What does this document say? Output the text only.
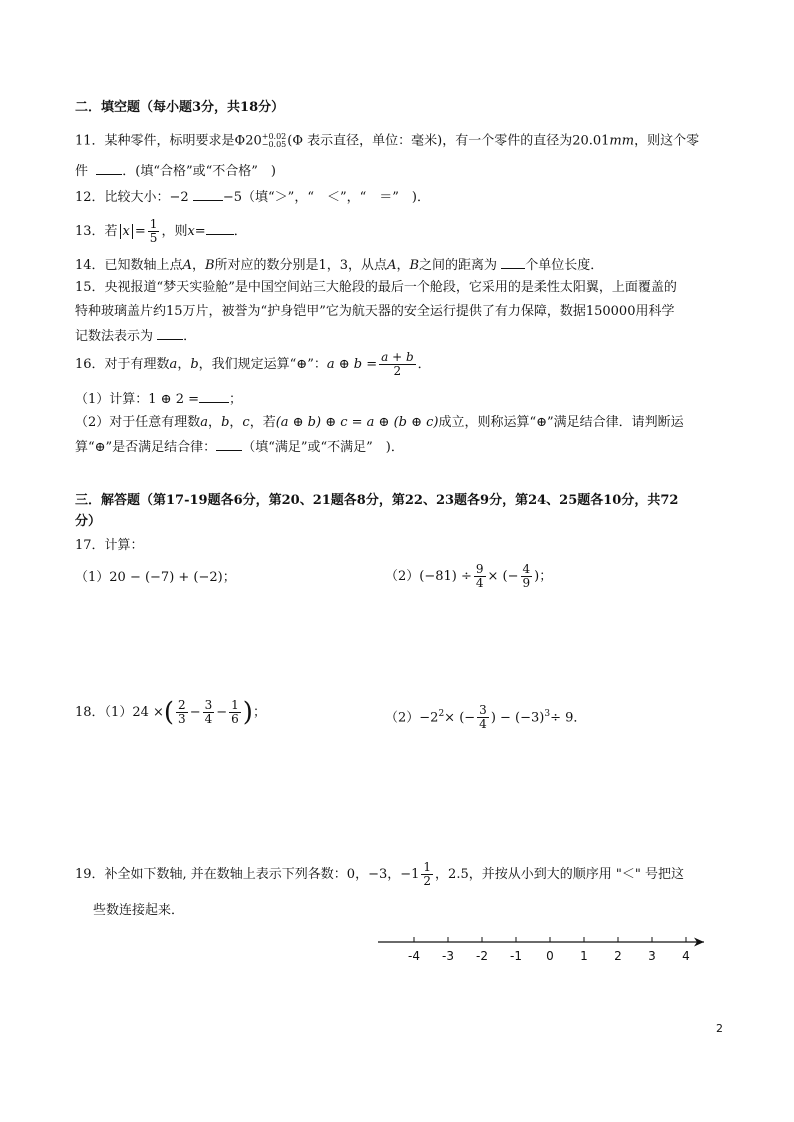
二．填空题（每小题3分，共18分）
11．某种零件，标明要求是Φ20 +0.02
−0.05 (Φ 表示直径，单位：毫米)，有一个零件的直径为20.01mm，则这个零
件	．(填“合格”或“不合格”　)
12．比较大小：−2	−5（填“＞”，“　＜”，“　＝”　)．
13．若 $x = \frac{1}{5}$ ，则x= ．
14．已知数轴上点A，B所对应的数分别是1，3，从点A，B之间的距离为 个单位长度．
15．央视报道“梦天实验舱”是中国空间站三大舱段的最后一个舱段，它采用的是柔性太阳翼，上面覆盖的
特种玻璃盖片约15万片，被誉为“护身铠甲”它为航天器的安全运行提供了有力保障，数据150000用科学
记数法表示为 ．
16．对于有理数a，b，我们规定运算“⊕”：a ⊕ $b = \frac{a + b}{2}$ ．
（1）计算：1 ⊕ 2 = ；
（2）对于任意有理数a，b，c，若(a ⊕ b) ⊕ c = a ⊕ (b ⊕ c)成立，则称运算“⊕”满足结合律．请判断运
算“⊕”是否满足结合律： （填“满足”或“不满足”　)．
三．解答题（第17-19题各6分，第20、21题各8分，第22、23题各9分，第24、25题各10分，共72
分）
17．计算：
（1）20 − (−7) + (−2)；	$(2)(-81) \div \frac{9}{4}$ × (− $\frac{4}{9}$ )；
18．（1）24 ×( $\frac{2}{3} - \frac{3}{4} - \frac{1}{6}$ )；	$(2)-2^2\times$ (− $\frac{3}{4}$ ) − $(-3)^3\div 9$．
19．补全如下数轴, 并在数轴上表示下列各数：0，−3，$-1 \frac{1}{2}$ ，2.5，并按从小到大的顺序用 "＜" 号把这
些数连接起来．
-4 -3 -2 -1 0 1 2 3 4
2
